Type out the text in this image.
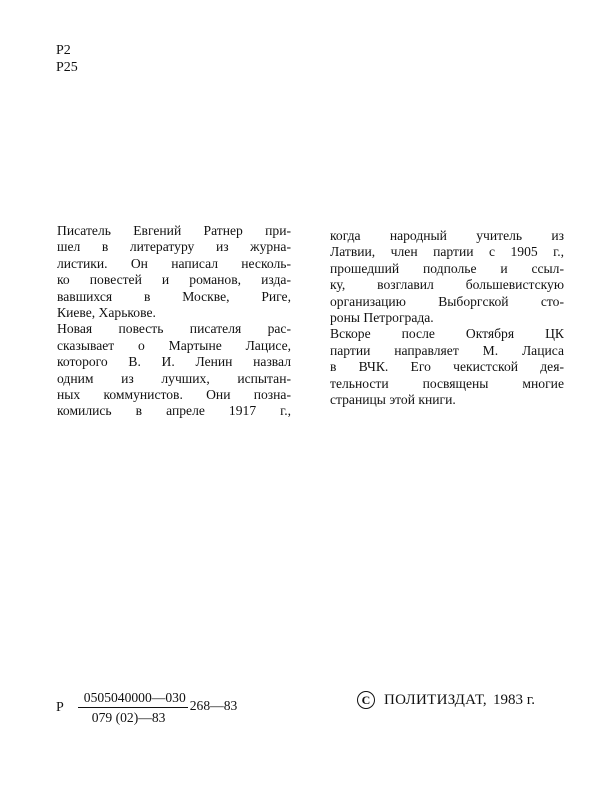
Р2
Р25
Писатель Евгений Ратнер при-
шел в литературу из журна-
листики. Он написал несколь-
ко повестей и романов, изда-
вавшихся в Москве, Риге,
Киеве, Харькове.
Новая повесть писателя рас-
сказывает о Мартыне Лацисе,
которого В. И. Ленин назвал
одним из лучших, испытан-
ных коммунистов. Они позна-
комились в апреле 1917 г.,
когда народный учитель из
Латвии, член партии с 1905 г.,
прошедший подполье и ссыл-
ку, возглавил большевистскую
организацию Выборгской сто-
роны Петрограда.
Вскоре после Октября ЦК
партии направляет М. Лациса
в ВЧК. Его чекистской дея-
тельности посвящены многие
страницы этой книги.
Р $\frac{0505040000—030}{079 (02)—83}$ 268—83	C ПОЛИТИЗДАТ, 1983 г.
